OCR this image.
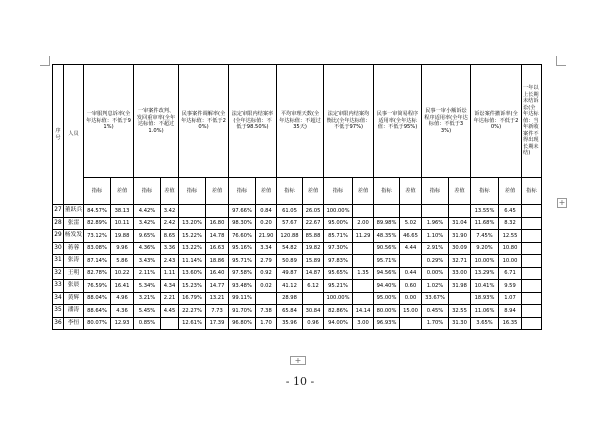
序号	人员	一审服判息诉率(全年达标值：不低于91%)		一审案件改判、发回重审率(全年达标值：不超过1.0%)		民事案件调解率(全年达标值：不低于20%)		法定审限内结案率(全年达标值：不低于98.50%)		平均审理天数(全年达标值：不超过35天)		法定审限内结案均衡比(全年达标值：不低于97%)		民事一审简易程序适用率(全年达标值：不低于95%)		民事一审小额诉讼程序适用率(全年达标值：不低于33%)		诉讼案件撤诉率(全年达标值：不低于20%)		一年以上长期未结诉讼(全年达标值：当年新收案件不得出现长期未结)
		指标	差值	指标	差值	指标	差值	指标	差值	指标	差值	指标	差值	指标	差值	指标	差值	指标	差值	指标
27	董跃兵	84.57%	38.13	4.42%	3.42			97.66%	0.84	61.05	26.05	100.00%						13.55%	6.45	
28	张雷	82.89%	10.11	3.42%	2.42	13.20%	16.80	98.30%	0.20	57.67	22.67	95.00%	2.00	89.98%	5.02	1.96%	31.04	11.68%	8.32	
29	杨发发	73.12%	19.88	9.65%	8.65	15.22%	14.78	76.60%	21.90	120.88	85.88	85.71%	11.29	48.35%	46.65	1.10%	31.90	7.45%	12.55	
30	蒋蓉	83.08%	9.96	4.36%	3.36	13.22%	16.63	95.16%	3.34	54.82	19.82	97.30%		90.56%	4.44	2.91%	30.09	9.20%	10.80	
31	张涛	87.14%	5.86	3.43%	2.43	11.14%	18.86	95.71%	2.79	50.89	15.89	97.83%		95.71%		0.29%	32.71	10.00%	10.00	
32	王明	82.78%	10.22	2.11%	1.11	13.60%	16.40	97.58%	0.92	49.87	14.87	95.65%	1.35	94.56%	0.44	0.00%	33.00	13.29%	6.71	
33	张晨	76.59%	16.41	5.34%	4.34	15.23%	14.77	93.48%	0.02	41.12	6.12	95.21%		94.40%	0.60	1.02%	31.98	10.41%	9.59	
34	黄辉	88.04%	4.96	3.21%	2.21	16.79%	13.21	99.11%		28.98		100.00%		95.00%	0.00	33.67%		18.93%	1.07	
35	潘涛	88.64%	4.36	5.45%	4.45	22.27%	7.73	91.70%	7.38	65.84	30.84	82.86%	14.14	80.00%	15.00	0.45%	32.55	11.06%	8.94	
36	李恒	80.07%	12.93	0.85%		12.61%	17.39	96.80%	1.70	35.96	0.96	94.00%	3.00	96.93%		1.70%	31.30	3.65%	16.35	
+
+
- 10 -
